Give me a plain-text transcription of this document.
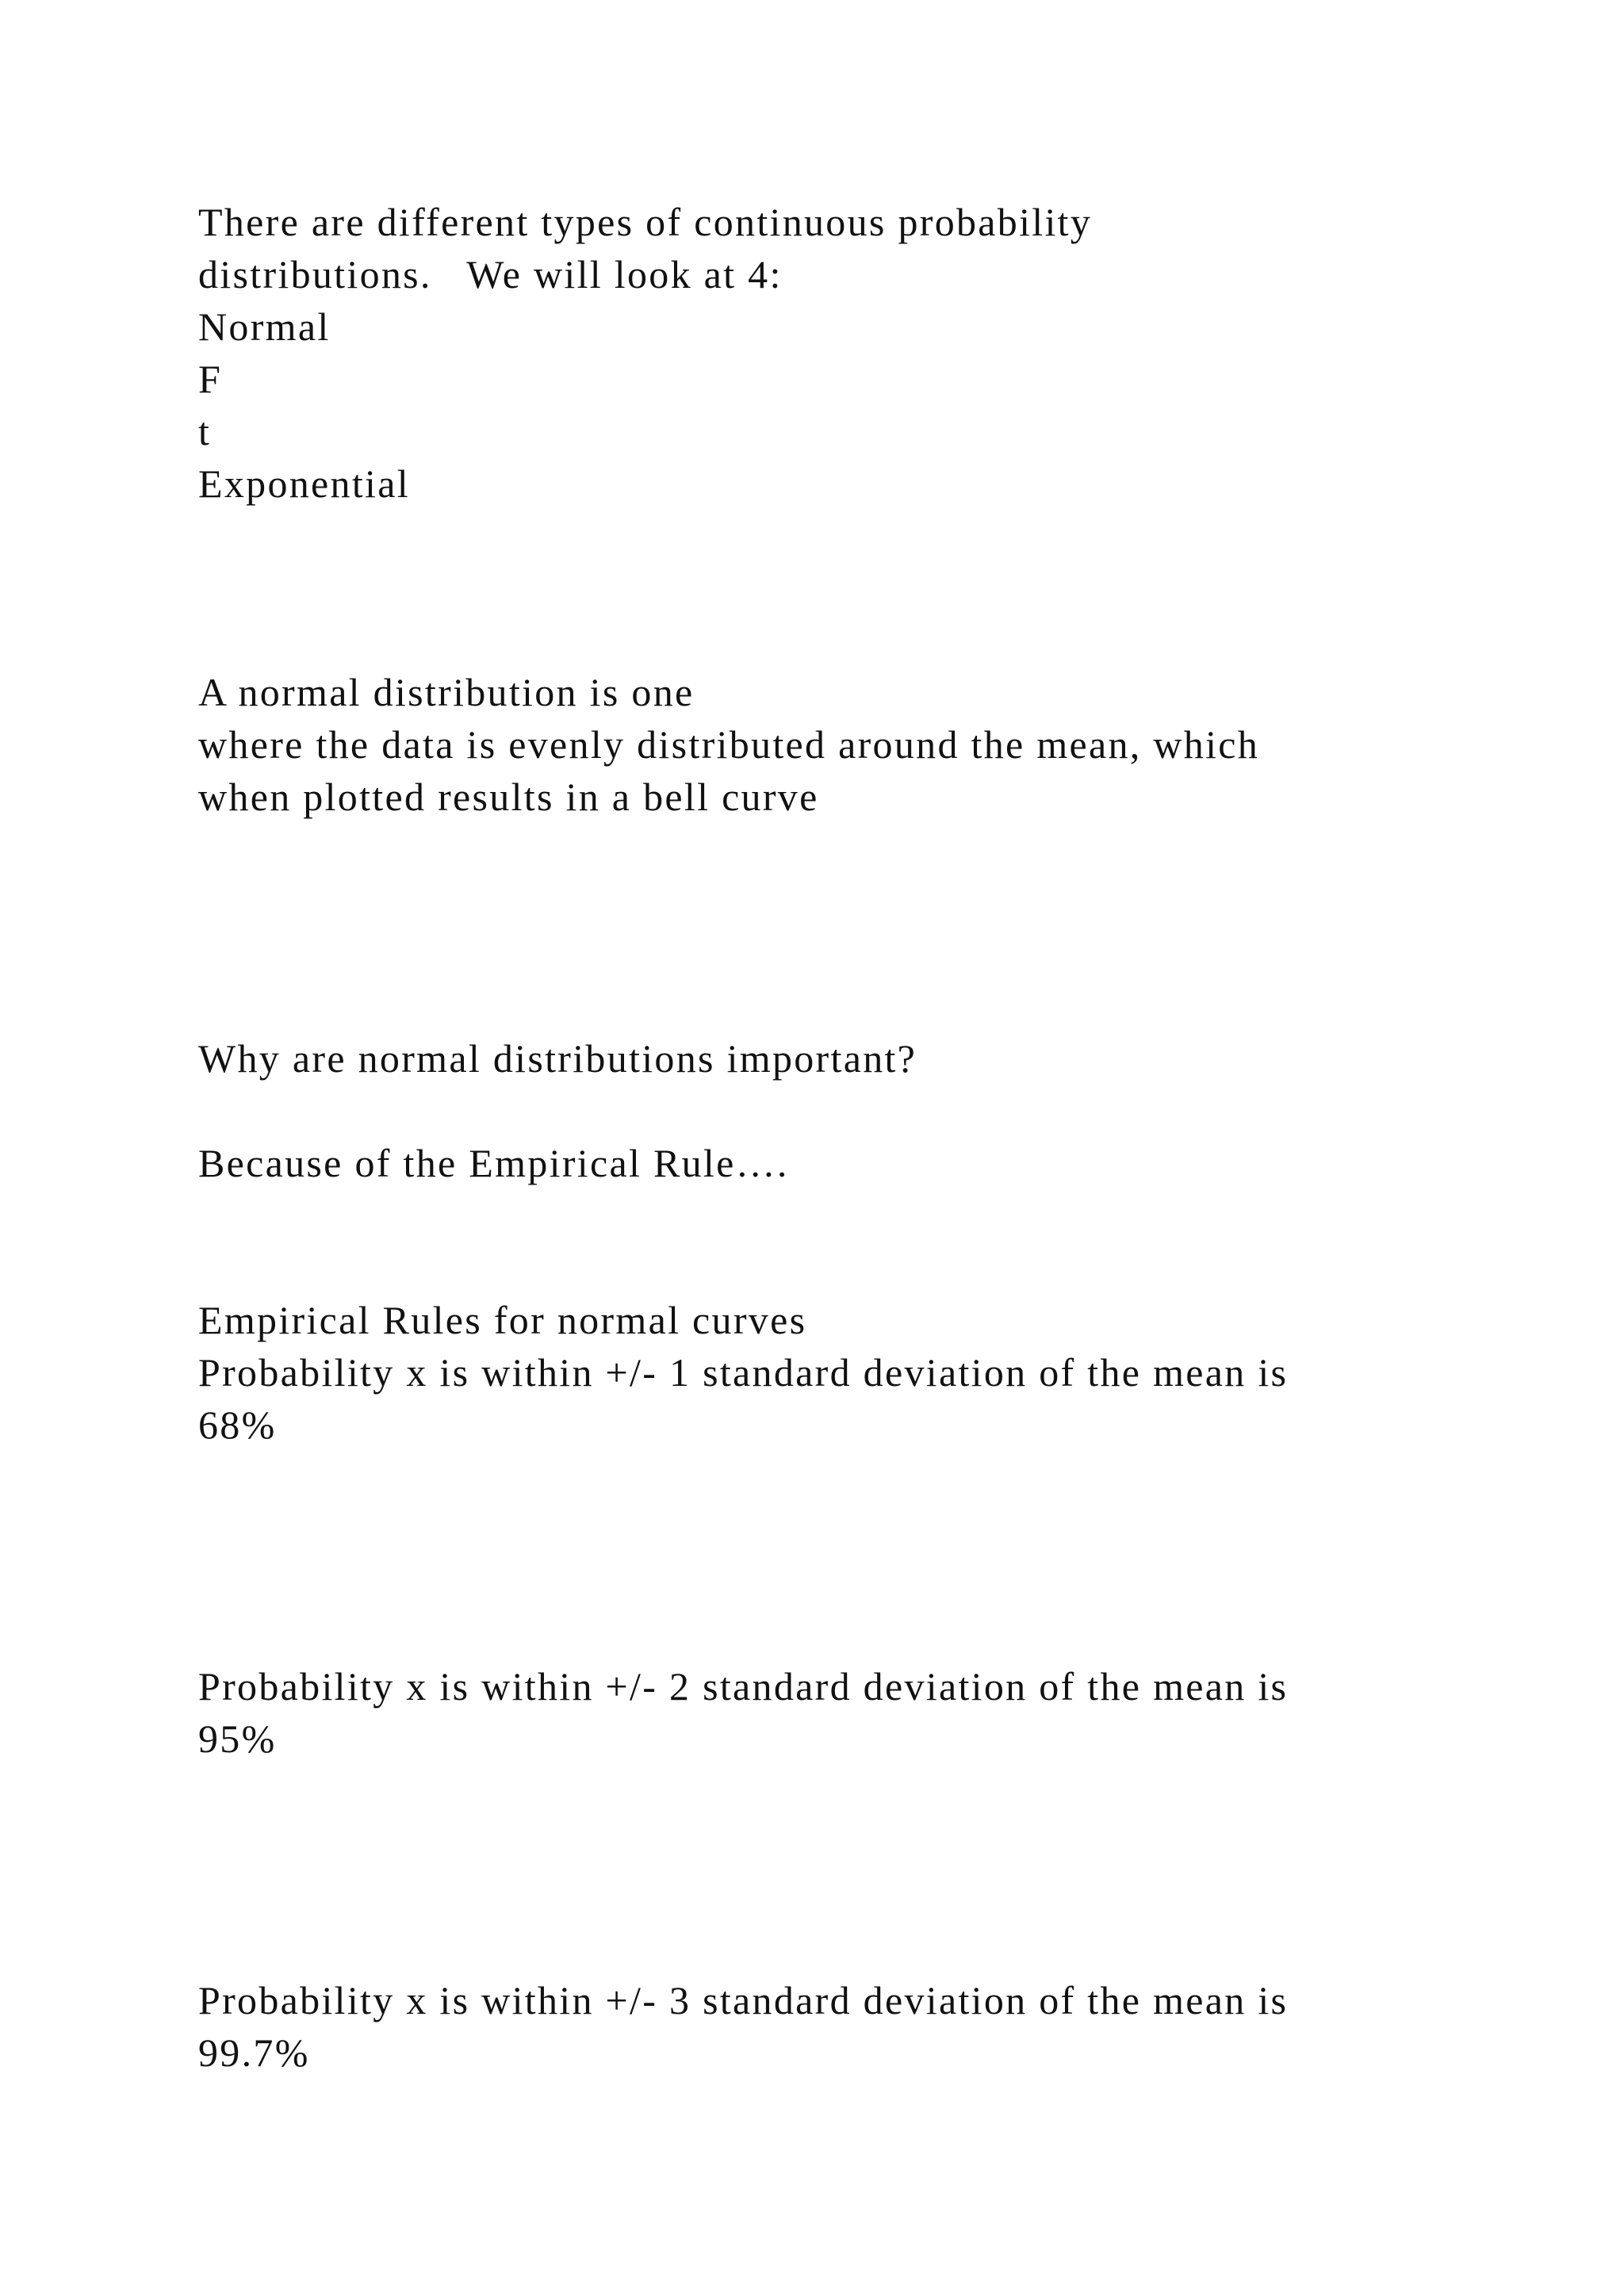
There are different types of continuous probability
distributions.   We will look at 4:
Normal
F
t
Exponential
A normal distribution is one
where the data is evenly distributed around the mean, which
when plotted results in a bell curve
Why are normal distributions important?
Because of the Empirical Rule….
Empirical Rules for normal curves
Probability x is within +/- 1 standard deviation of the mean is
68%
Probability x is within +/- 2 standard deviation of the mean is
95%
Probability x is within +/- 3 standard deviation of the mean is
99.7%
